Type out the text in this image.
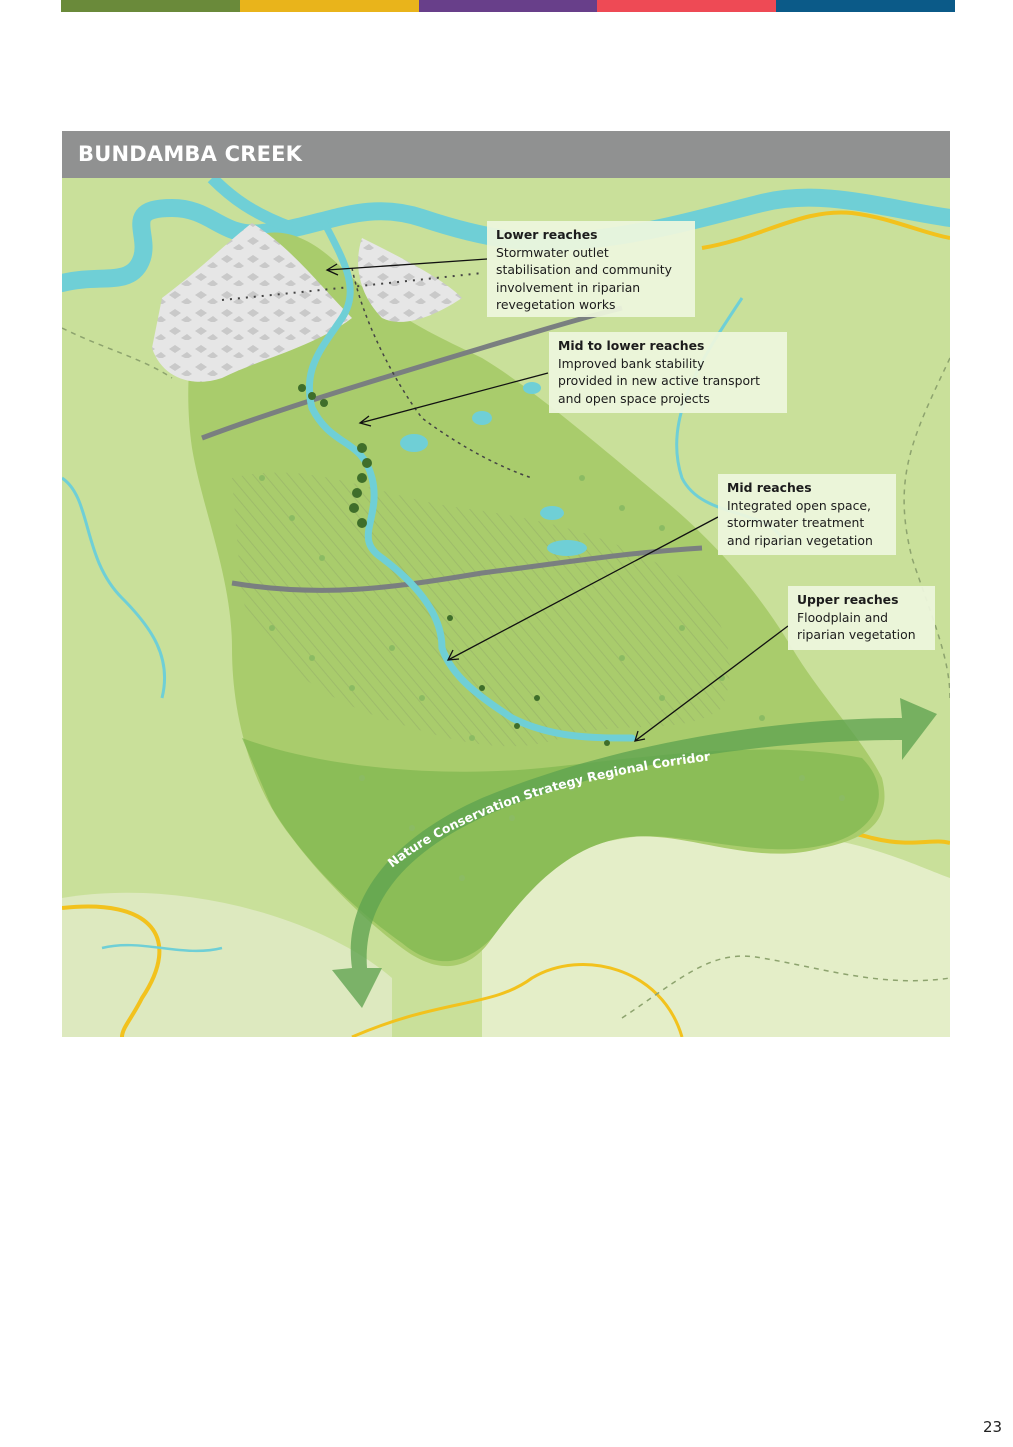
BUNDAMBA CREEK
Nature Conservation Strategy Regional Corridor
Lower reaches
Stormwater outlet
stabilisation and community
involvement in riparian
revegetation works
Mid to lower reaches
Improved bank stability
provided in new active transport
and open space projects
Mid reaches
Integrated open space,
stormwater treatment
and riparian vegetation
Upper reaches
Floodplain and
riparian vegetation
23
